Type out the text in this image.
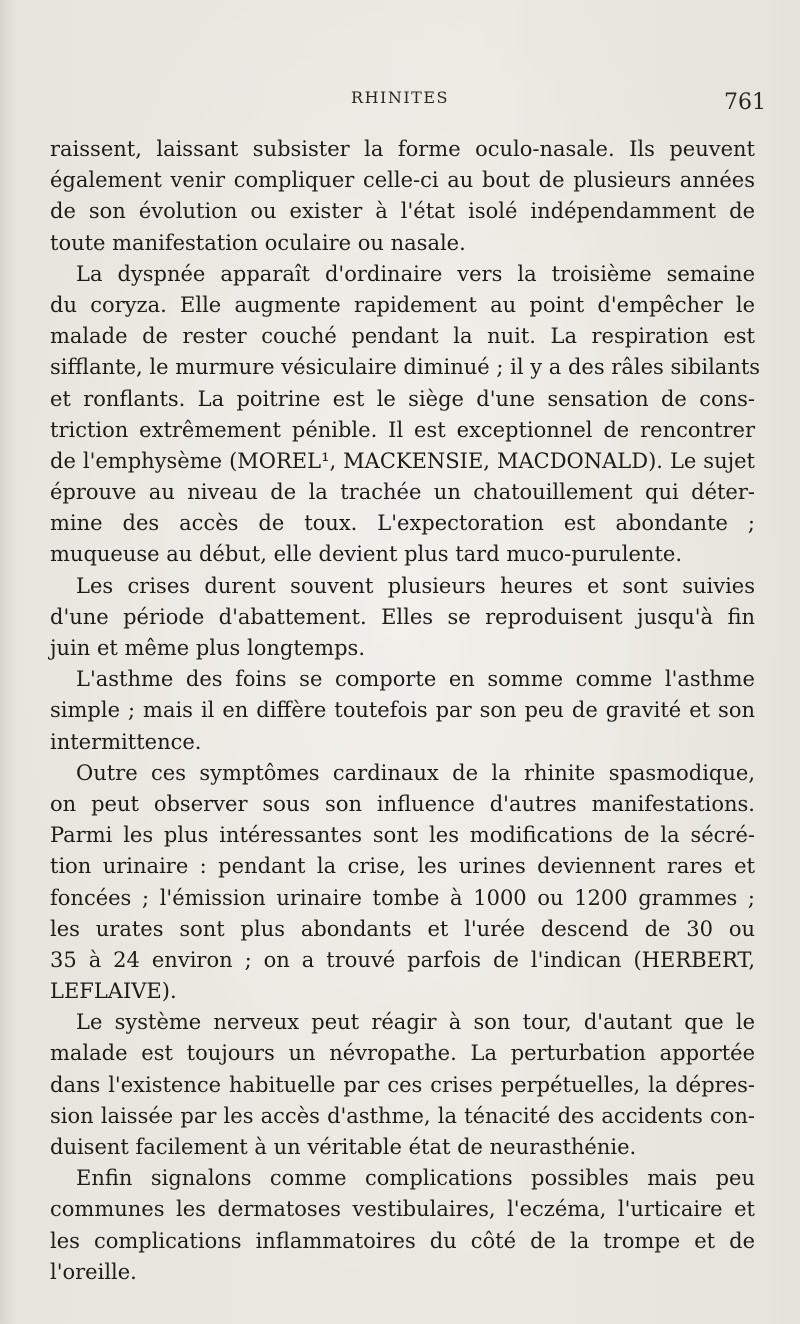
RHINITES	761
raissent, laissant subsister la forme oculo-nasale. Ils peuvent
également venir compliquer celle-ci au bout de plusieurs années
de son évolution ou exister à l'état isolé indépendamment de
toute manifestation oculaire ou nasale.
La dyspnée apparaît d'ordinaire vers la troisième semaine
du coryza. Elle augmente rapidement au point d'empêcher le
malade de rester couché pendant la nuit. La respiration est
sifflante, le murmure vésiculaire diminué ; il y a des râles sibilants
et ronflants. La poitrine est le siège d'une sensation de cons-
triction extrêmement pénible. Il est exceptionnel de rencontrer
de l'emphysème (MOREL¹, MACKENSIE, MACDONALD). Le sujet
éprouve au niveau de la trachée un chatouillement qui déter-
mine des accès de toux. L'expectoration est abondante ;
muqueuse au début, elle devient plus tard muco-purulente.
Les crises durent souvent plusieurs heures et sont suivies
d'une période d'abattement. Elles se reproduisent jusqu'à fin
juin et même plus longtemps.
L'asthme des foins se comporte en somme comme l'asthme
simple ; mais il en diffère toutefois par son peu de gravité et son
intermittence.
Outre ces symptômes cardinaux de la rhinite spasmodique,
on peut observer sous son influence d'autres manifestations.
Parmi les plus intéressantes sont les modifications de la sécré-
tion urinaire : pendant la crise, les urines deviennent rares et
foncées ; l'émission urinaire tombe à 1000 ou 1200 grammes ;
les urates sont plus abondants et l'urée descend de 30 ou
35 à 24 environ ; on a trouvé parfois de l'indican (HERBERT,
LEFLAIVE).
Le système nerveux peut réagir à son tour, d'autant que le
malade est toujours un névropathe. La perturbation apportée
dans l'existence habituelle par ces crises perpétuelles, la dépres-
sion laissée par les accès d'asthme, la ténacité des accidents con-
duisent facilement à un véritable état de neurasthénie.
Enfin signalons comme complications possibles mais peu
communes les dermatoses vestibulaires, l'eczéma, l'urticaire et
les complications inflammatoires du côté de la trompe et de
l'oreille.
